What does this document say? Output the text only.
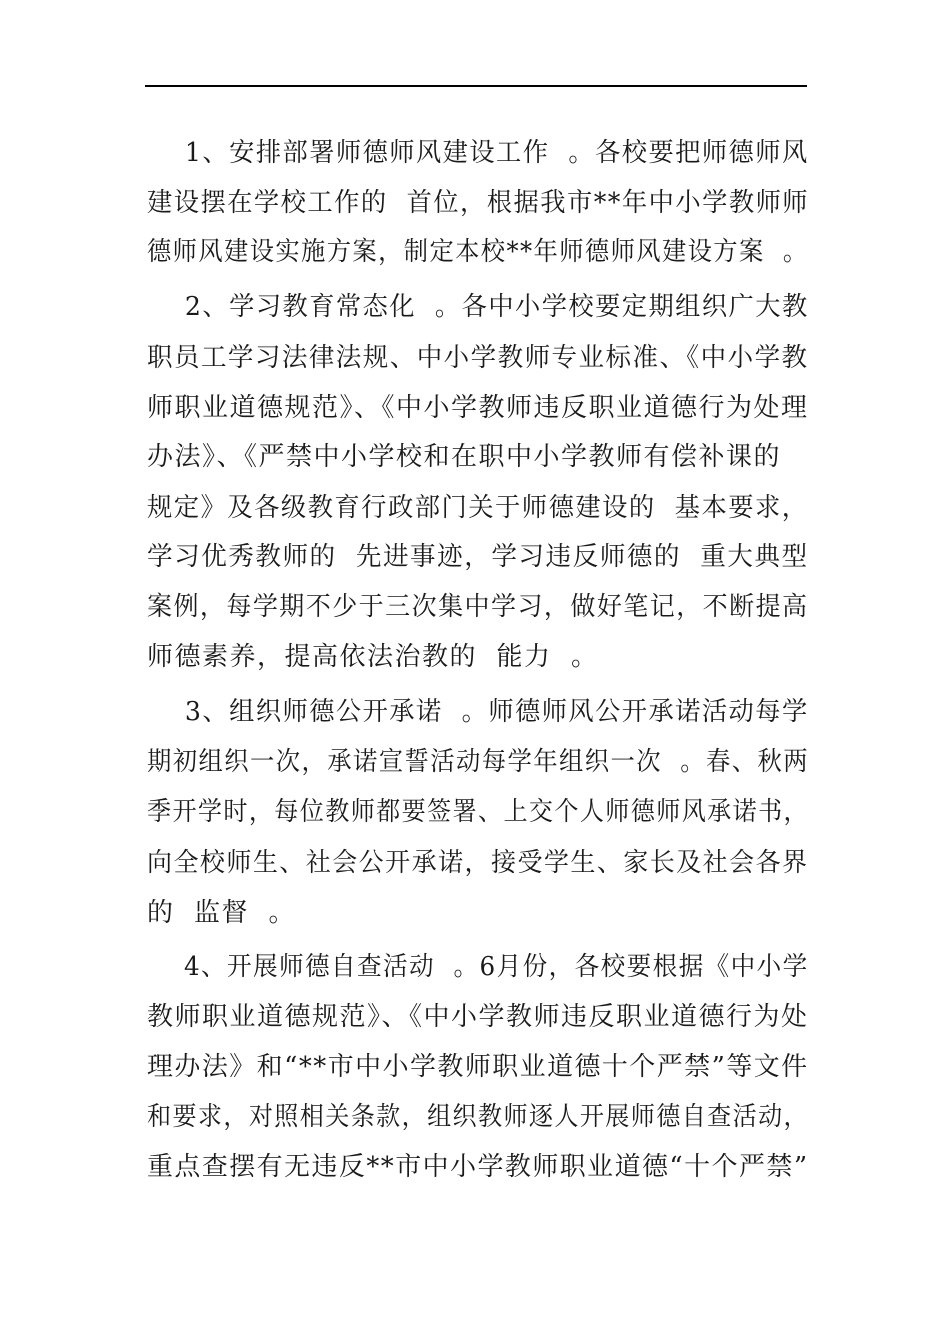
1、安排部署师德师风建设工作  。各校要把师德师风
建设摆在学校工作的  首位，根据我市**年中小学教师师
德师风建设实施方案，制定本校**年师德师风建设方案  。
2、学习教育常态化  。各中小学校要定期组织广大教
职员工学习法律法规、中小学教师专业标准、《中小学教
师职业道德规范》、《中小学教师违反职业道德行为处理
办法》、《严禁中小学校和在职中小学教师有偿补课的
规定》及各级教育行政部门关于师德建设的  基本要求，
学习优秀教师的  先进事迹，学习违反师德的  重大典型
案例，每学期不少于三次集中学习，做好笔记，不断提高
师德素养，提高依法治教的  能力  。
3、组织师德公开承诺  。师德师风公开承诺活动每学
期初组织一次，承诺宣誓活动每学年组织一次  。春、秋两
季开学时，每位教师都要签署、上交个人师德师风承诺书，
向全校师生、社会公开承诺，接受学生、家长及社会各界
的  监督  。
4、开展师德自查活动  。6月份，各校要根据《中小学
教师职业道德规范》、《中小学教师违反职业道德行为处
理办法》和“**市中小学教师职业道德十个严禁”等文件
和要求，对照相关条款，组织教师逐人开展师德自查活动，
重点查摆有无违反**市中小学教师职业道德“十个严禁”
